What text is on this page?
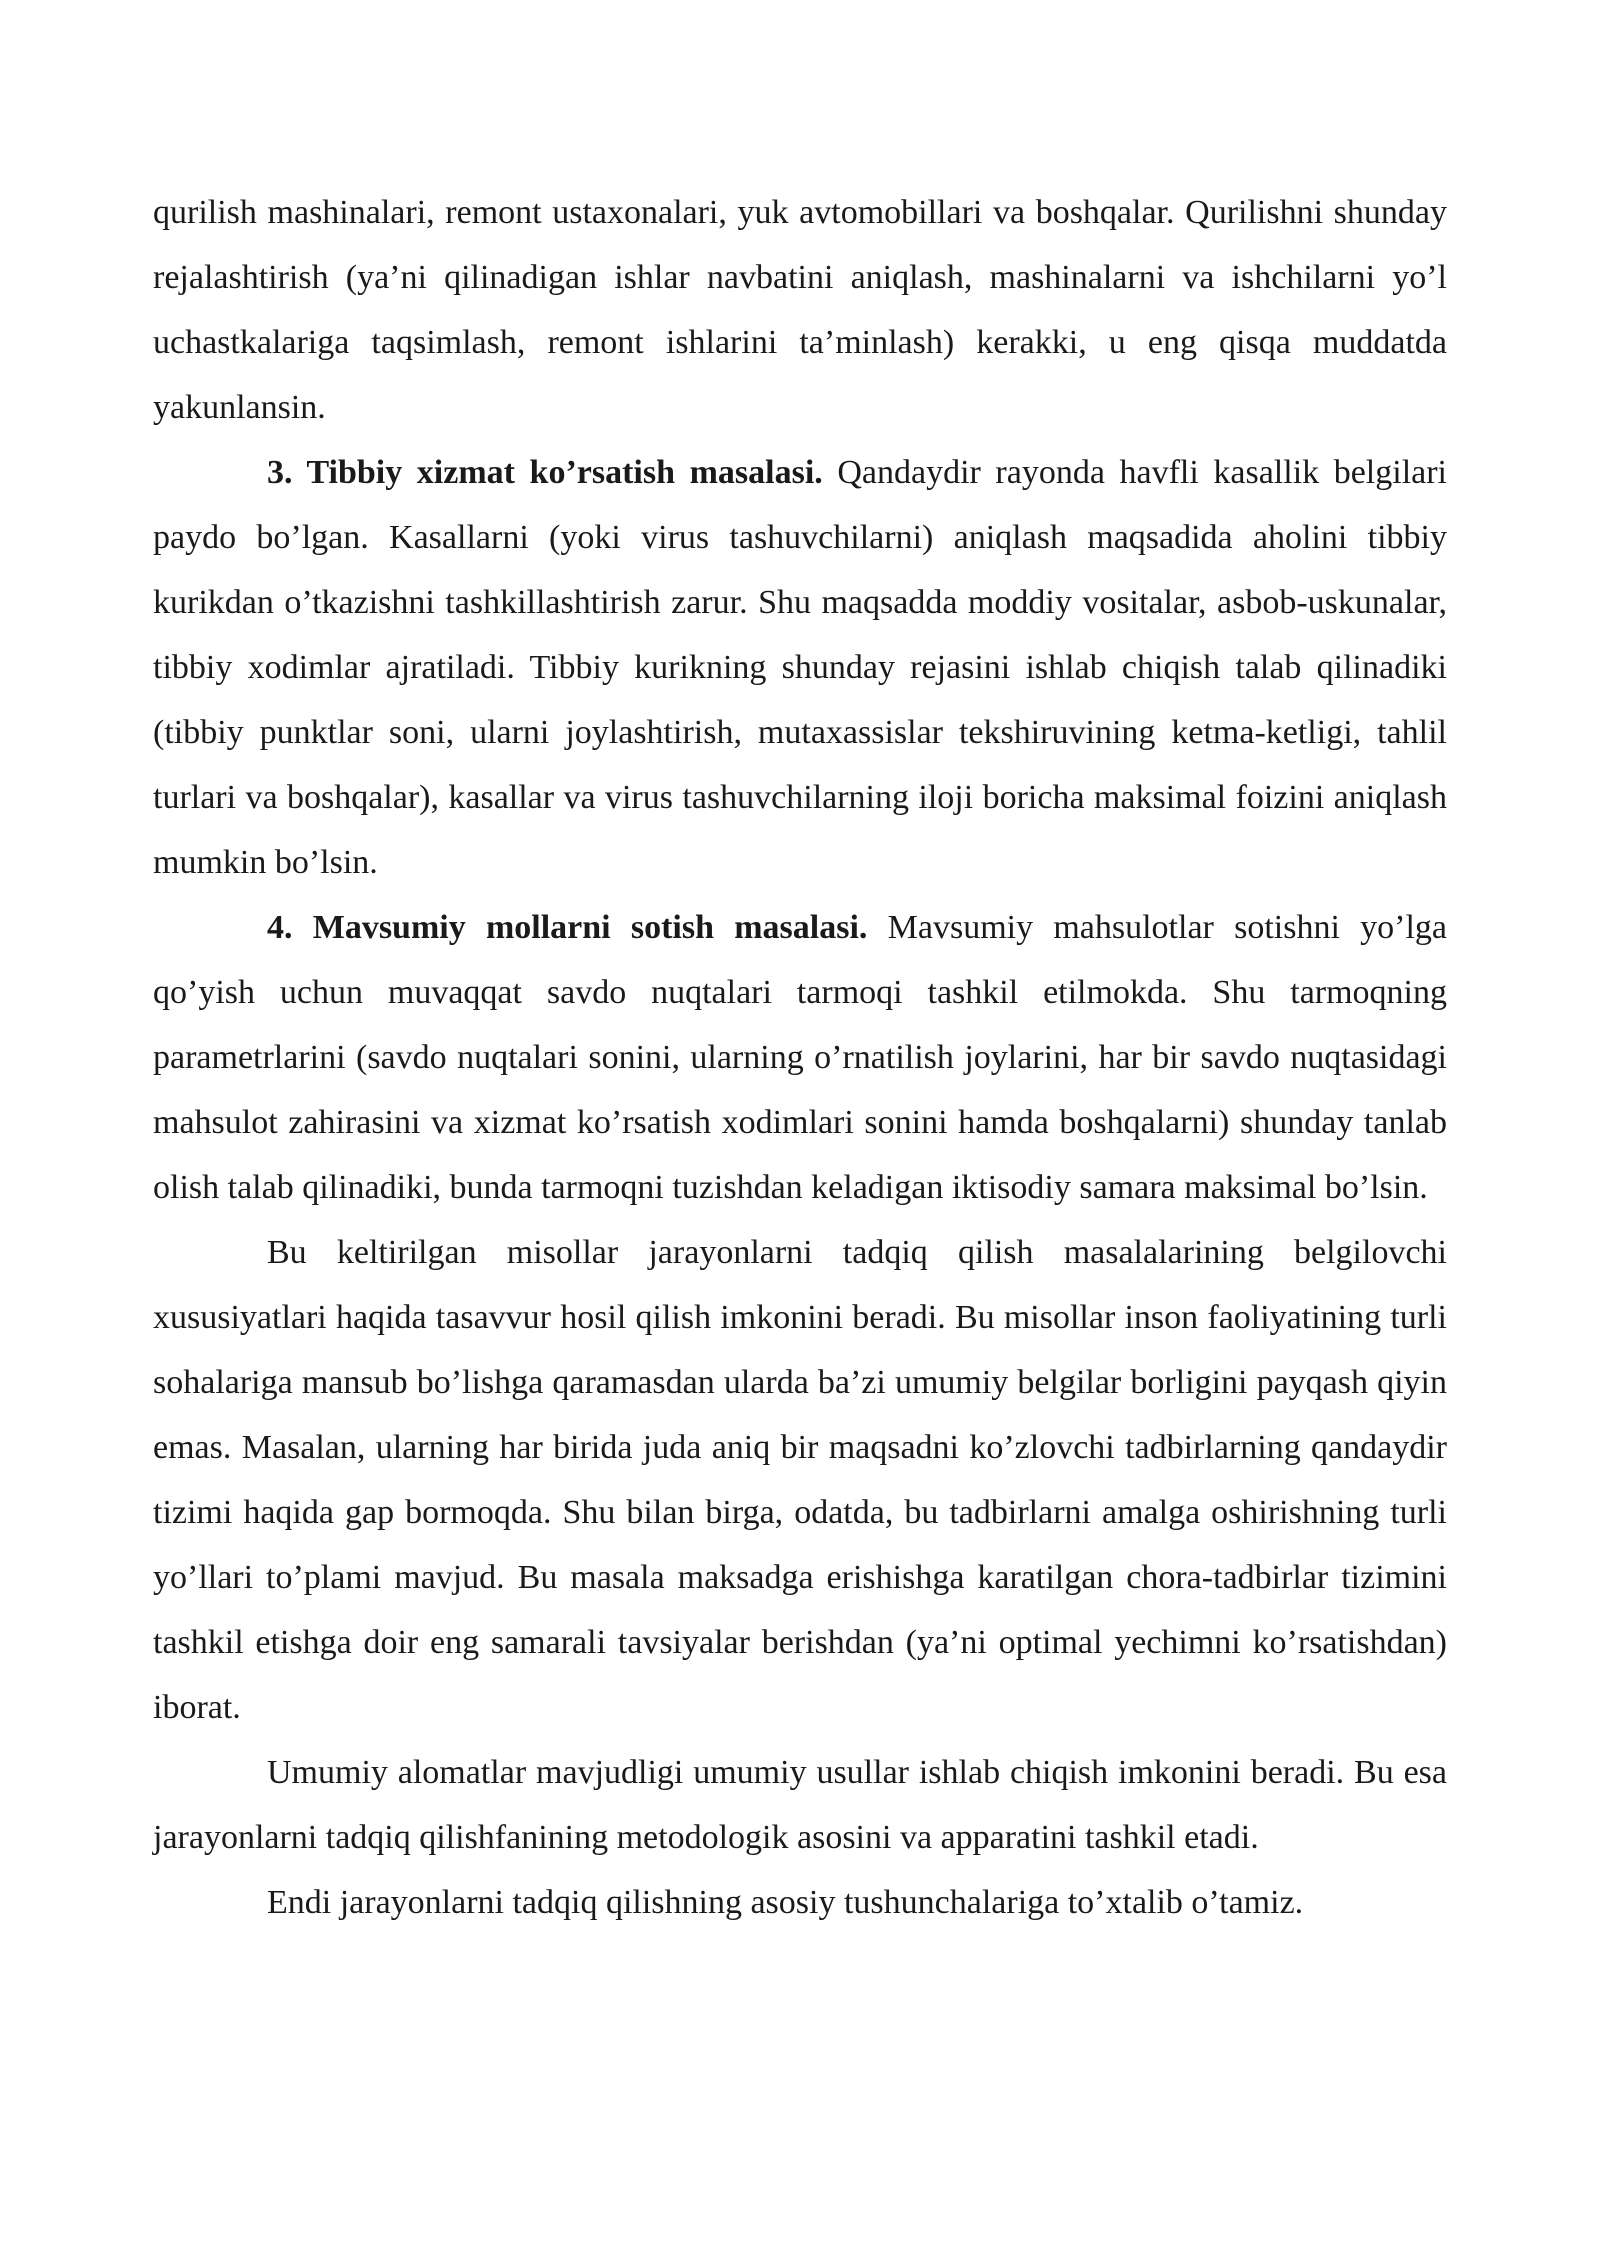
qurilish mashinalari, remont ustaxonalari, yuk avtomobillari va boshqalar. Qurilishni shunday rejalashtirish (ya’ni qilinadigan ishlar navbatini aniqlash, mashinalarni va ishchilarni yo’l uchastkalariga taqsimlash, remont ishlarini ta’minlash) kerakki, u eng qisqa muddatda yakunlansin.

3. Tibbiy xizmat ko’rsatish masalasi. Qandaydir rayonda havfli kasallik belgilari paydo bo’lgan. Kasallarni (yoki virus tashuvchilarni) aniqlash maqsadida aholini tibbiy kurikdan o’tkazishni tashkillashtirish zarur. Shu maqsadda moddiy vositalar, asbob-uskunalar, tibbiy xodimlar ajratiladi. Tibbiy kurikning shunday rejasini ishlab chiqish talab qilinadiki (tibbiy punktlar soni, ularni joylashtirish, mutaxassislar tekshiruvining ketma-ketligi, tahlil turlari va boshqalar), kasallar va virus tashuvchilarning iloji boricha maksimal foizini aniqlash mumkin bo’lsin.

4. Mavsumiy mollarni sotish masalasi. Mavsumiy mahsulotlar sotishni yo’lga qo’yish uchun muvaqqat savdo nuqtalari tarmoqi tashkil etilmokda. Shu tarmoqning parametrlarini (savdo nuqtalari sonini, ularning o’rnatilish joylarini, har bir savdo nuqtasidagi mahsulot zahirasini va xizmat ko’rsatish xodimlari sonini hamda boshqalarni) shunday tanlab olish talab qilinadiki, bunda tarmoqni tuzishdan keladigan iktisodiy samara maksimal bo’lsin.

Bu keltirilgan misollar jarayonlarni tadqiq qilish masalalarining belgilovchi xususiyatlari haqida tasavvur hosil qilish imkonini beradi. Bu misollar inson faoliyatining turli sohalariga mansub bo’lishga qaramasdan ularda ba’zi umumiy belgilar borligini payqash qiyin emas. Masalan, ularning har birida juda aniq bir maqsadni ko’zlovchi tadbirlarning qandaydir tizimi haqida gap bormoqda. Shu bilan birga, odatda, bu tadbirlarni amalga oshirishning turli yo’llari to’plami mavjud. Bu masala maksadga erishishga karatilgan chora-tadbirlar tizimini tashkil etishga doir eng samarali tavsiyalar berishdan (ya’ni optimal yechimni ko’rsatishdan) iborat.

Umumiy alomatlar mavjudligi umumiy usullar ishlab chiqish imkonini beradi. Bu esa jarayonlarni tadqiq qilishfanining metodologik asosini va apparatini tashkil etadi.

Endi jarayonlarni tadqiq qilishning asosiy tushunchalariga to’xtalib o’tamiz.
